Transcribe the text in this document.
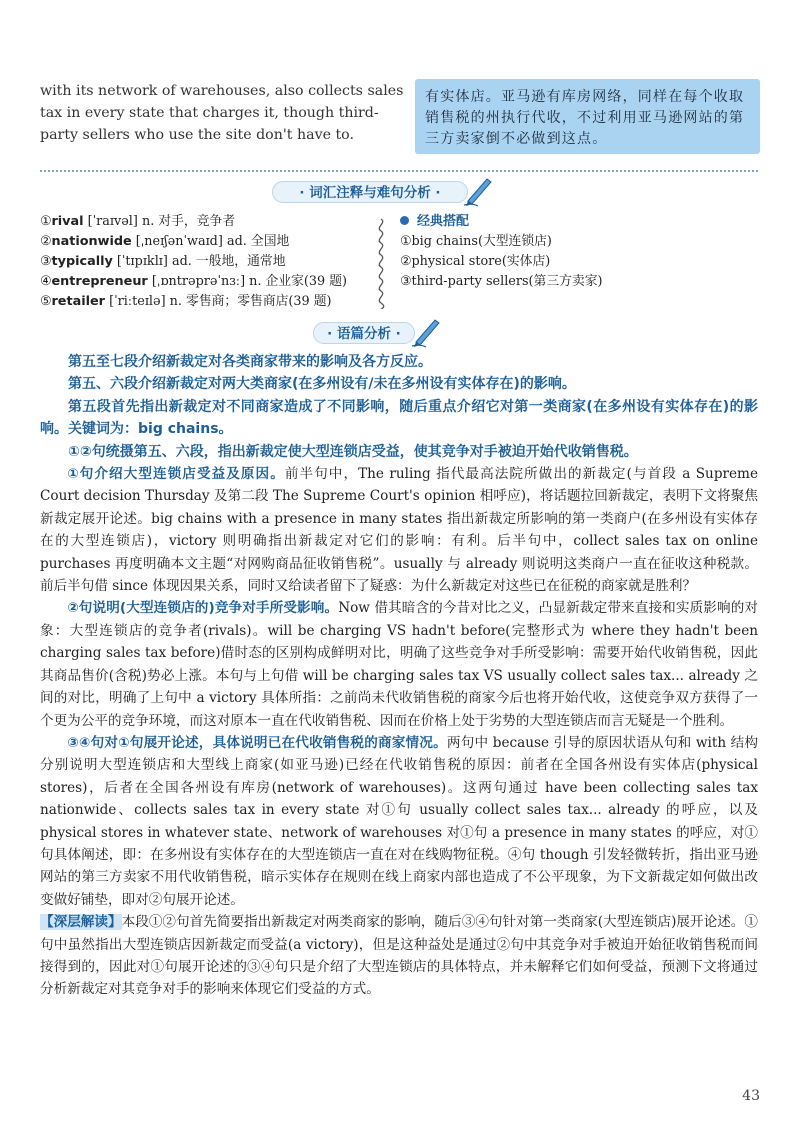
with its network of warehouses, also collects sales tax in every state that charges it, though third-party sellers who use the site don't have to.
有实体店。亚马逊有库房网络，同样在每个收取销售税的州执行代收，不过利用亚马逊网站的第三方卖家倒不必做到这点。
· 词汇注释与难句分析 ·
①rival [ˈraɪvəl] n. 对手，竞争者
②nationwide [ˌneɪʃənˈwaɪd] ad. 全国地
③typically [ˈtɪpɪklɪ] ad. 一般地，通常地
④entrepreneur [ˌɒntrəprəˈnɜː] n. 企业家(39 题)
⑤retailer [ˈriːteɪlə] n. 零售商；零售商店(39 题)
经典搭配
①big chains(大型连锁店)
②physical store(实体店)
③third-party sellers(第三方卖家)
· 语篇分析 ·

第五至七段介绍新裁定对各类商家带来的影响及各方反应。

第五、六段介绍新裁定对两大类商家(在多州设有/未在多州设有实体存在)的影响。

第五段首先指出新裁定对不同商家造成了不同影响，随后重点介绍它对第一类商家(在多州设有实体存在)的影响。关键词为：big chains。

①②句统摄第五、六段，指出新裁定使大型连锁店受益，使其竞争对手被迫开始代收销售税。

①句介绍大型连锁店受益及原因。前半句中，The ruling 指代最高法院所做出的新裁定(与首段 a Supreme Court decision Thursday 及第二段 The Supreme Court's opinion 相呼应)，将话题拉回新裁定，表明下文将聚焦新裁定展开论述。big chains with a presence in many states 指出新裁定所影响的第一类商户(在多州设有实体存在的大型连锁店)，victory 则明确指出新裁定对它们的影响：有利。后半句中，collect sales tax on online purchases 再度明确本文主题“对网购商品征收销售税”。usually 与 already 则说明这类商户一直在征收这种税款。前后半句借 since 体现因果关系，同时又给读者留下了疑惑：为什么新裁定对这些已在征税的商家就是胜利？

②句说明(大型连锁店的)竞争对手所受影响。Now 借其暗含的今昔对比之义，凸显新裁定带来直接和实质影响的对象：大型连锁店的竞争者(rivals)。will be charging VS hadn't before(完整形式为 where they hadn't been charging sales tax before)借时态的区别构成鲜明对比，明确了这些竞争对手所受影响：需要开始代收销售税，因此其商品售价(含税)势必上涨。本句与上句借 will be charging sales tax VS usually collect sales tax... already 之间的对比，明确了上句中 a victory 具体所指：之前尚未代收销售税的商家今后也将开始代收，这使竞争双方获得了一个更为公平的竞争环境，而这对原本一直在代收销售税、因而在价格上处于劣势的大型连锁店而言无疑是一个胜利。

③④句对①句展开论述，具体说明已在代收销售税的商家情况。两句中 because 引导的原因状语从句和 with 结构分别说明大型连锁店和大型线上商家(如亚马逊)已经在代收销售税的原因：前者在全国各州设有实体店(physical stores)，后者在全国各州设有库房(network of warehouses)。这两句通过 have been collecting sales tax nationwide、collects sales tax in every state 对①句 usually collect sales tax... already 的呼应，以及 physical stores in whatever state、network of warehouses 对①句 a presence in many states 的呼应，对①句具体阐述，即：在多州设有实体存在的大型连锁店一直在对在线购物征税。④句 though 引发轻微转折，指出亚马逊网站的第三方卖家不用代收销售税，暗示实体存在规则在线上商家内部也造成了不公平现象，为下文新裁定如何做出改变做好铺垫，即对②句展开论述。

【深层解读】本段①②句首先简要指出新裁定对两类商家的影响，随后③④句针对第一类商家(大型连锁店)展开论述。①句中虽然指出大型连锁店因新裁定而受益(a victory)，但是这种益处是通过②句中其竞争对手被迫开始征收销售税而间接得到的，因此对①句展开论述的③④句只是介绍了大型连锁店的具体特点，并未解释它们如何受益，预测下文将通过分析新裁定对其竞争对手的影响来体现它们受益的方式。

43
